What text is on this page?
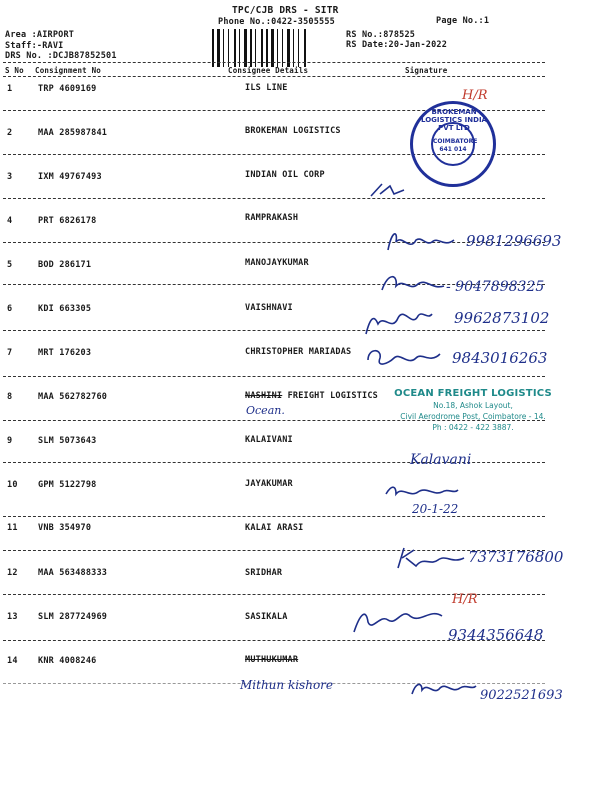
TPC/CJB DRS - SITR
Phone No.:0422-3505555	Page No.:1
RS No.:878525
RS Date:20-Jan-2022
Area :AIRPORT
Staff:-RAVI
DRS No. :DCJB87852501
S No Consignment No	Consignee Details	Signature
1	TRP 4609169	ILS LINE
2	MAA 285987841	BROKEMAN LOGISTICS
3	IXM 49767493	INDIAN OIL CORP
4	PRT 6826178	RAMPRAKASH
5	BOD 286171	MANOJAYKUMAR
6	KDI 663305	VAISHNAVI
7	MRT 176203	CHRISTOPHER MARIADAS
8	MAA 562782760	NASHINI FREIGHT LOGISTICS
9	SLM 5073643	KALAIVANI
10 GPM 5122798	JAYAKUMAR
11 VNB 354970	KALAI ARASI
12 MAA 563488333	SRIDHAR
13 SLM 287724969	SASIKALA
14 KNR 4008246	MUTHUKUMAR
BROKEMAN LOGISTICS INDIA PVT LTD
COIMBATORE
641 014
H/R
OCEAN FREIGHT LOGISTICS
No.18, Ashok Layout,
Civil Aerodrome Post, Coimbatore - 14.
Ph : 0422 - 422 3887.
9981296693
- 9047898325
9962873102
9843016263
Ocean.
Kalavani
20-1-22
7373176800
H/R
9344356648
Mithun kishore
9022521693
